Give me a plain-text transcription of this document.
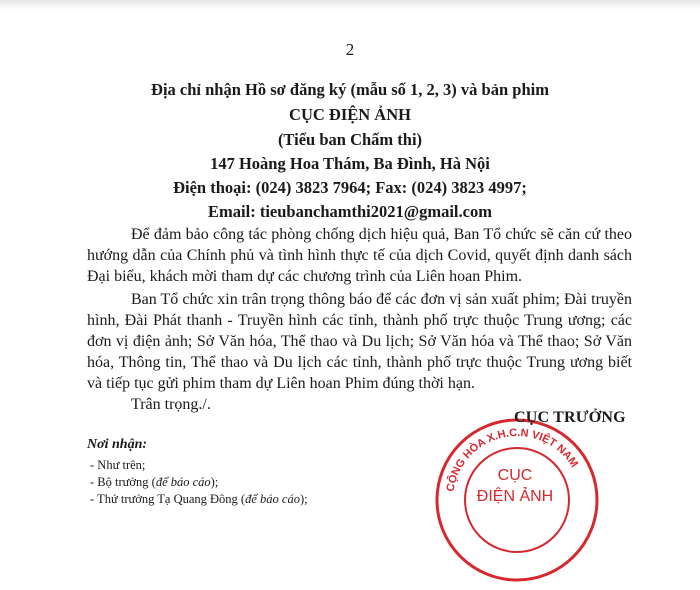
2
Địa chỉ nhận Hồ sơ đăng ký (mẫu số 1, 2, 3) và bản phim
CỤC ĐIỆN ẢNH
(Tiểu ban Chấm thi)
147 Hoàng Hoa Thám, Ba Đình, Hà Nội
Điện thoại: (024) 3823 7964; Fax: (024) 3823 4997;
Email: tieubanchamthi2021@gmail.com
Để đảm bảo công tác phòng chống dịch hiệu quả, Ban Tổ chức sẽ căn cứ theo hướng dẫn của Chính phủ và tình hình thực tế của dịch Covid, quyết định danh sách Đại biểu, khách mời tham dự các chương trình của Liên hoan Phim.
Ban Tổ chức xin trân trọng thông báo để các đơn vị sản xuất phim; Đài truyền hình, Đài Phát thanh - Truyền hình các tỉnh, thành phố trực thuộc Trung ương; các đơn vị điện ảnh; Sở Văn hóa, Thể thao và Du lịch; Sở Văn hóa và Thể thao; Sở Văn hóa, Thông tin, Thể thao và Du lịch các tỉnh, thành phố trực thuộc Trung ương biết và tiếp tục gửi phim tham dự Liên hoan Phim đúng thời hạn.
Trân trọng./.
CỘNG HÒA X.H.C.N VIỆT NAM
CỤC
ĐIỆN ẢNH
CỤC TRƯỞNG
Nơi nhận:
- Như trên;
- Bộ trưởng (để báo cáo);
- Thứ trưởng Tạ Quang Đông (để báo cáo);
